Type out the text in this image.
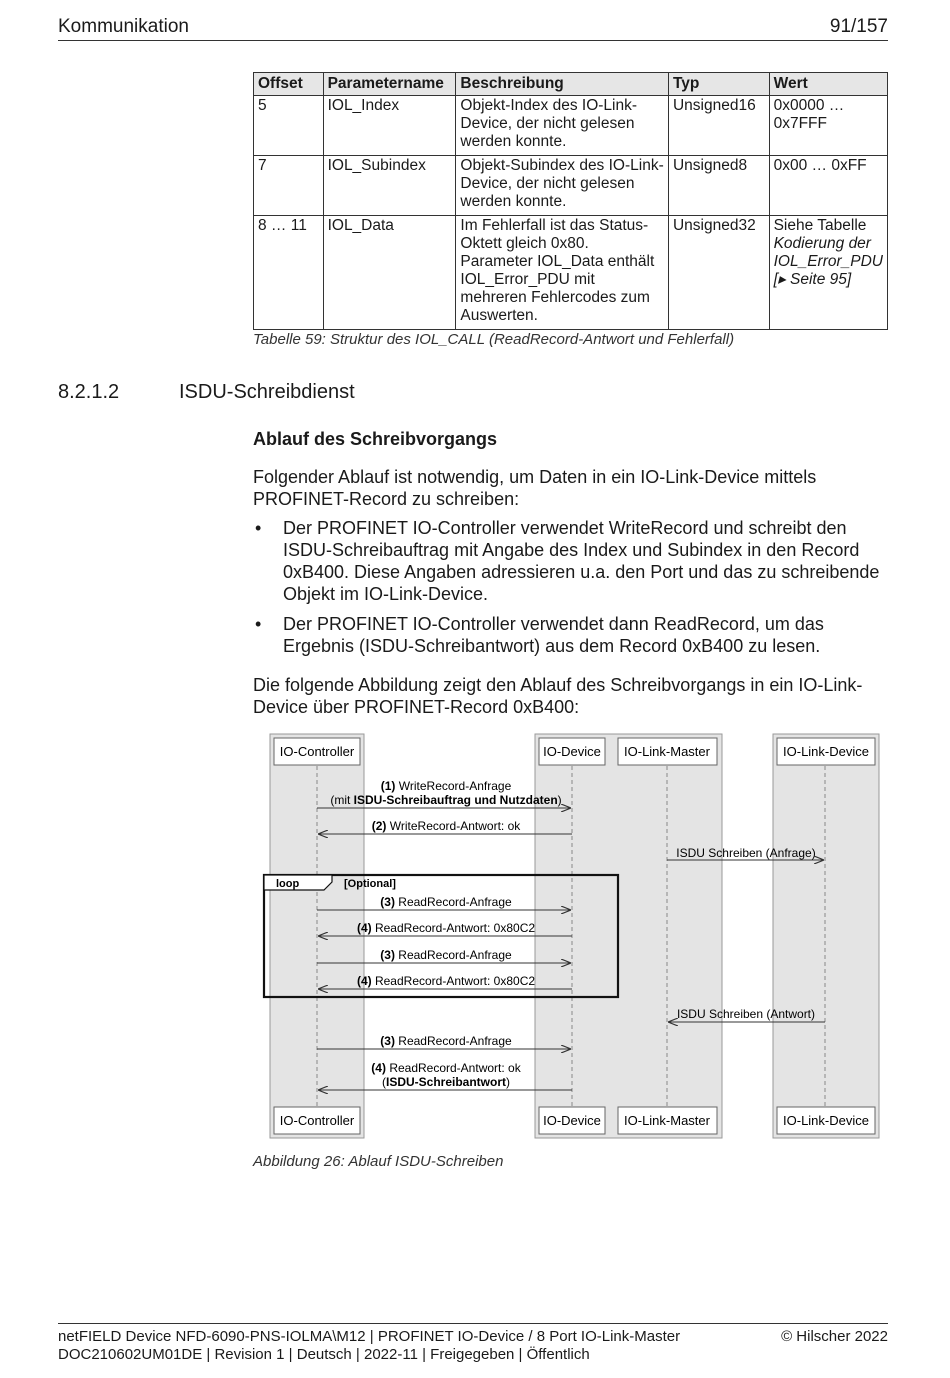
Kommunikation	91/157
Offset	Parametername	Beschreibung	Typ	Wert
5	IOL_Index	Objekt-Index des IO-Link-Device, der nicht gelesen werden konnte.	Unsigned16	0x0000 … 0x7FFF
7	IOL_Subindex	Objekt-Subindex des IO-Link-Device, der nicht gelesen werden konnte.	Unsigned8	0x00 … 0xFF
8 … 11	IOL_Data	Im Fehlerfall ist das Status-Oktett gleich 0x80. Parameter IOL_Data enthält IOL_Error_PDU mit mehreren Fehlercodes zum Auswerten.	Unsigned32	Siehe Tabelle Kodierung der IOL_Error_PDU [▸ Seite 95]
Tabelle 59: Struktur des IOL_CALL (ReadRecord-Antwort und Fehlerfall)
8.2.1.2	ISDU-Schreibdienst
Ablauf des Schreibvorgangs
Folgender Ablauf ist notwendig, um Daten in ein IO-Link-Device mittels PROFINET-Record zu schreiben:
• Der PROFINET IO-Controller verwendet WriteRecord und schreibt den ISDU-Schreibauftrag mit Angabe des Index und Subindex in den Record 0xB400. Diese Angaben adressieren u.a. den Port und das zu schreibende Objekt im IO-Link-Device.
• Der PROFINET IO-Controller verwendet dann ReadRecord, um das Ergebnis (ISDU-Schreibantwort) aus dem Record 0xB400 zu lesen.
Die folgende Abbildung zeigt den Ablauf des Schreibvorgangs in ein IO-Link-Device über PROFINET-Record 0xB400:
IO-Controller	IO-Device IO-Link-Master	IO-Link-Device
(1) WriteRecord-Anfrage
(mit ISDU-Schreibauftrag und Nutzdaten)
(2) WriteRecord-Antwort: ok
ISDU Schreiben (Anfrage)
loop	[Optional]
(3) ReadRecord-Anfrage
(4) ReadRecord-Antwort: 0x80C2
(3) ReadRecord-Anfrage
(4) ReadRecord-Antwort: 0x80C2
ISDU Schreiben (Antwort)
(3) ReadRecord-Anfrage
(4) ReadRecord-Antwort: ok
(ISDU-Schreibantwort)
IO-Controller	IO-Device IO-Link-Master	IO-Link-Device
Abbildung 26: Ablauf ISDU-Schreiben
netFIELD Device NFD-6090-PNS-IOLMA\M12 | PROFINET IO-Device / 8 Port IO-Link-Master
DOC210602UM01DE | Revision 1 | Deutsch | 2022-11 | Freigegeben | Öffentlich
© Hilscher 2022
